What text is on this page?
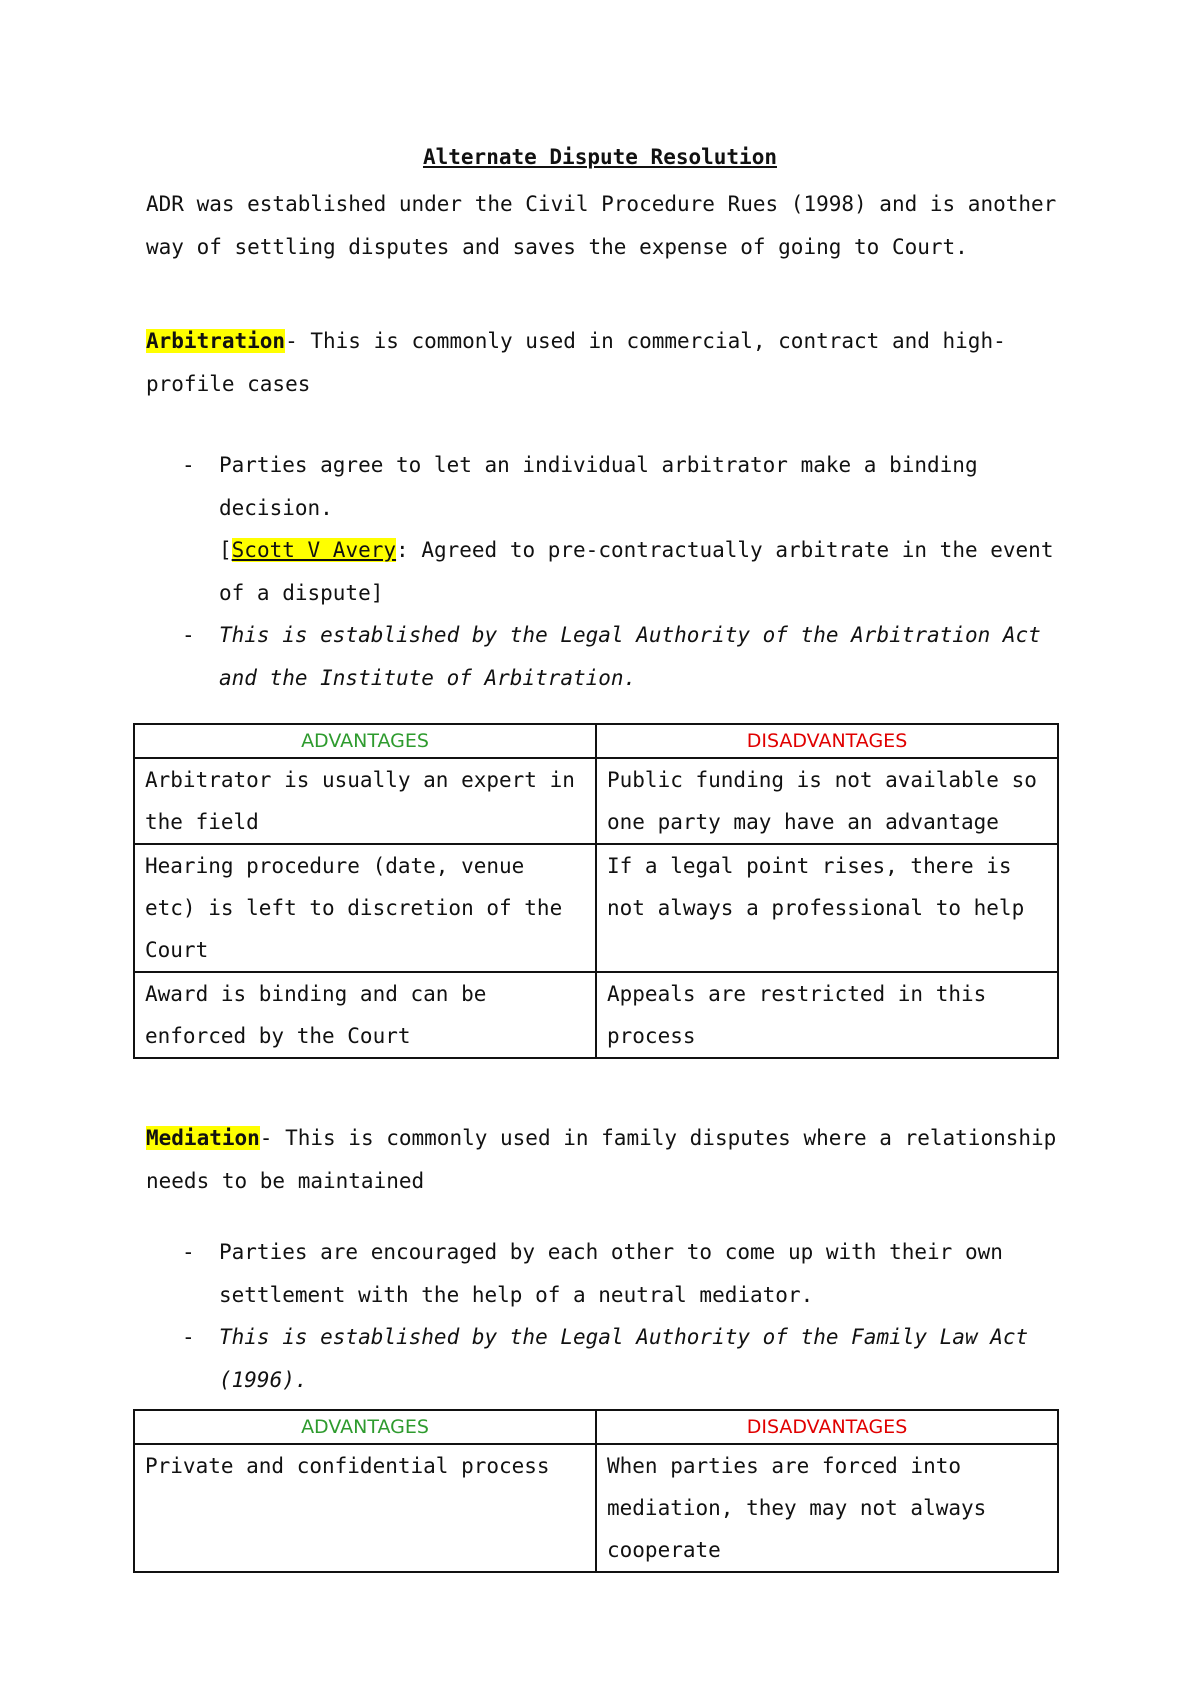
Alternate Dispute Resolution

ADR was established under the Civil Procedure Rues (1998) and is another way of settling disputes and saves the expense of going to Court.

Arbitration- This is commonly used in commercial, contract and high-profile cases

- Parties agree to let an individual arbitrator make a binding decision.
[Scott V Avery: Agreed to pre-contractually arbitrate in the event of a dispute]
- This is established by the Legal Authority of the Arbitration Act and the Institute of Arbitration.
ADVANTAGES	DISADVANTAGES
Arbitrator is usually an expert in the field	Public funding is not available so one party may have an advantage
Hearing procedure (date, venue etc) is left to discretion of the Court	If a legal point rises, there is not always a professional to help
Award is binding and can be enforced by the Court	Appeals are restricted in this process

Mediation- This is commonly used in family disputes where a relationship needs to be maintained

- Parties are encouraged by each other to come up with their own settlement with the help of a neutral mediator.
- This is established by the Legal Authority of the Family Law Act (1996).
ADVANTAGES	DISADVANTAGES
Private and confidential process	When parties are forced into mediation, they may not always cooperate
